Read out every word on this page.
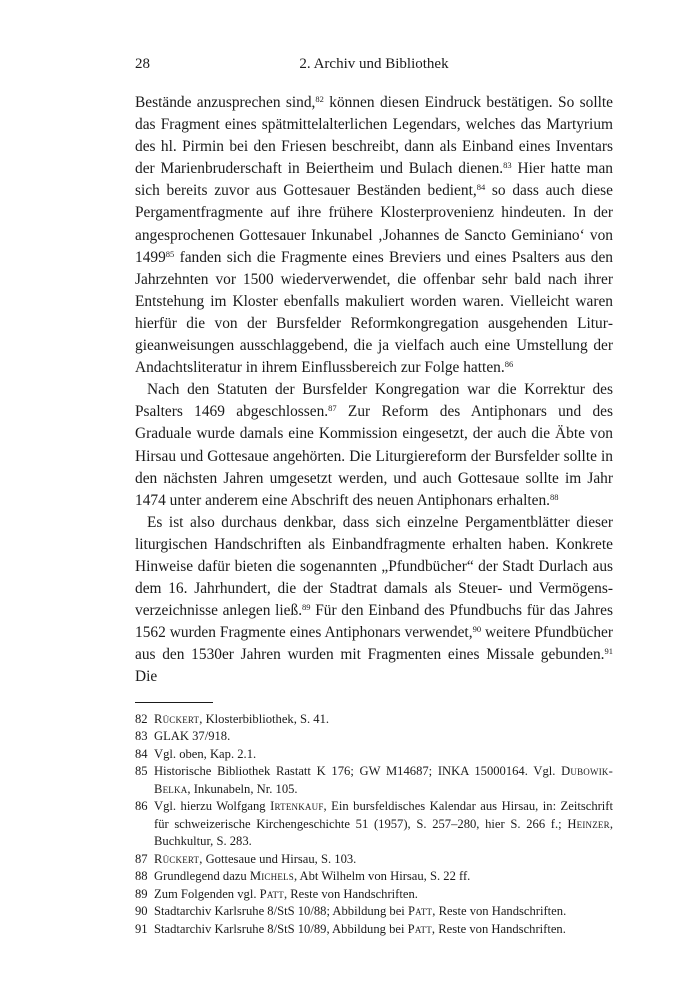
28	2. Archiv und Bibliothek

Bestände anzusprechen sind,$^{82}$ können diesen Eindruck bestätigen. So sollte das Fragment eines spätmittelalterlichen Legendars, welches das Martyrium des hl. Pirmin bei den Friesen beschreibt, dann als Einband eines Inventars der Marienbruderschaft in Beiertheim und Bulach dienen.$^{83}$ Hier hatte man sich bereits zuvor aus Gottesauer Beständen bedient,$^{84}$ so dass auch diese Pergamentfragmente auf ihre frühere Klosterprovenienz hindeuten. In der angesprochenen Gottesauer Inkunabel ‚Johannes de Sancto Geminiano‘ von 1499$^{85}$ fanden sich die Fragmente eines Breviers und eines Psalters aus den Jahrzehnten vor 1500 wiederverwendet, die offenbar sehr bald nach ihrer Entstehung im Kloster ebenfalls makuliert worden waren. Vielleicht waren hierfür die von der Bursfelder Reformkongregation ausgehenden Liturgieanweisungen ausschlaggebend, die ja vielfach auch eine Umstellung der Andachtsliteratur in ihrem Einflussbereich zur Folge hatten.$^{86}$

Nach den Statuten der Bursfelder Kongregation war die Korrektur des Psalters 1469 abgeschlossen.$^{87}$ Zur Reform des Antiphonars und des Graduale wurde damals eine Kommission eingesetzt, der auch die Äbte von Hirsau und Gottesaue angehörten. Die Liturgiereform der Bursfelder sollte in den nächsten Jahren umgesetzt werden, und auch Gottesaue sollte im Jahr 1474 unter anderem eine Abschrift des neuen Antiphonars erhalten.$^{88}$

Es ist also durchaus denkbar, dass sich einzelne Pergamentblätter dieser liturgischen Handschriften als Einbandfragmente erhalten haben. Konkrete Hinweise dafür bieten die sogenannten „Pfundbücher“ der Stadt Durlach aus dem 16. Jahrhundert, die der Stadtrat damals als Steuer- und Vermögensverzeichnisse anlegen ließ.$^{89}$ Für den Einband des Pfundbuchs für das Jahres 1562 wurden Fragmente eines Antiphonars verwendet,$^{90}$ weitere Pfundbücher aus den 1530er Jahren wurden mit Fragmenten eines Missale gebunden.$^{91}$ Die

82 Rückert, Klosterbibliothek, S. 41.
83 GLAK 37/918.
84 Vgl. oben, Kap. 2.1.
85 Historische Bibliothek Rastatt K 176; GW M14687; INKA 15000164. Vgl. Dubowik-Belka, Inkunabeln, Nr. 105.
86 Vgl. hierzu Wolfgang Irtenkauf, Ein bursfeldisches Kalendar aus Hirsau, in: Zeitschrift für schweizerische Kirchengeschichte 51 (1957), S. 257–280, hier S. 266 f.; Heinzer, Buchkultur, S. 283.
87 Rückert, Gottesaue und Hirsau, S. 103.
88 Grundlegend dazu Michels, Abt Wilhelm von Hirsau, S. 22 ff.
89 Zum Folgenden vgl. Patt, Reste von Handschriften.
90 Stadtarchiv Karlsruhe 8/StS 10/88; Abbildung bei Patt, Reste von Handschriften.
91 Stadtarchiv Karlsruhe 8/StS 10/89, Abbildung bei Patt, Reste von Handschriften.
